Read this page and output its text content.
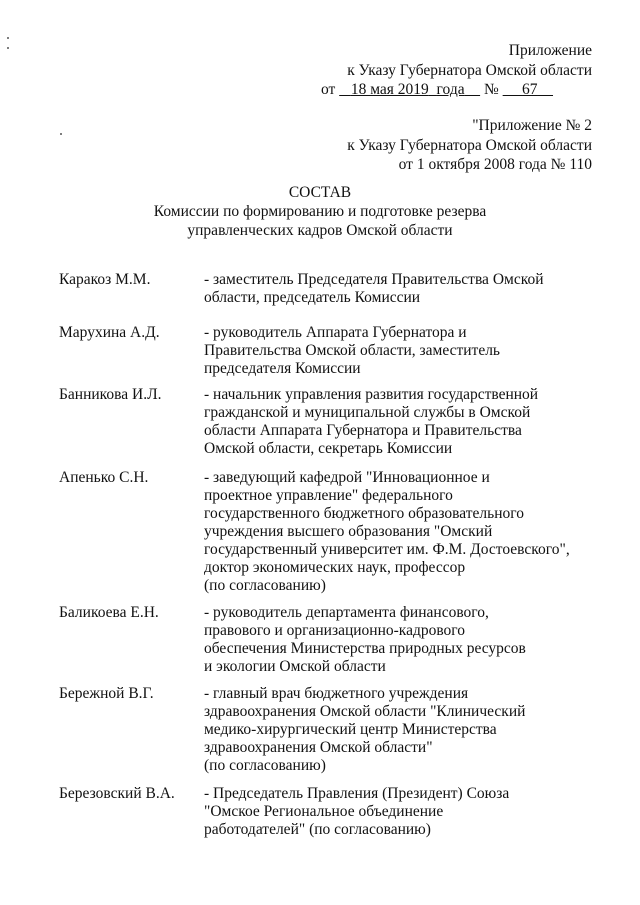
Приложение
к Указу Губернатора Омской области
от 18 мая 2019 года № 67
"Приложение № 2
к Указу Губернатора Омской области
от 1 октября 2008 года № 110
СОСТАВ
Комиссии по формированию и подготовке резерва
управленческих кадров Омской области
Каракоз М.М.	- заместитель Председателя Правительства Омской
области, председатель Комиссии
Марухина А.Д.	- руководитель Аппарата Губернатора и
Правительства Омской области, заместитель
председателя Комиссии
Банникова И.Л.	- начальник управления развития государственной
гражданской и муниципальной службы в Омской
области Аппарата Губернатора и Правительства
Омской области, секретарь Комиссии
Апенько С.Н.	- заведующий кафедрой "Инновационное и
проектное управление" федерального
государственного бюджетного образовательного
учреждения высшего образования "Омский
государственный университет им. Ф.М. Достоевского",
доктор экономических наук, профессор
(по согласованию)
Баликоева Е.Н.	- руководитель департамента финансового,
правового и организационно-кадрового
обеспечения Министерства природных ресурсов
и экологии Омской области
Бережной В.Г.	- главный врач бюджетного учреждения
здравоохранения Омской области "Клинический
медико-хирургический центр Министерства
здравоохранения Омской области"
(по согласованию)
Березовский В.А. - Председатель Правления (Президент) Союза
"Омское Региональное объединение
работодателей" (по согласованию)
